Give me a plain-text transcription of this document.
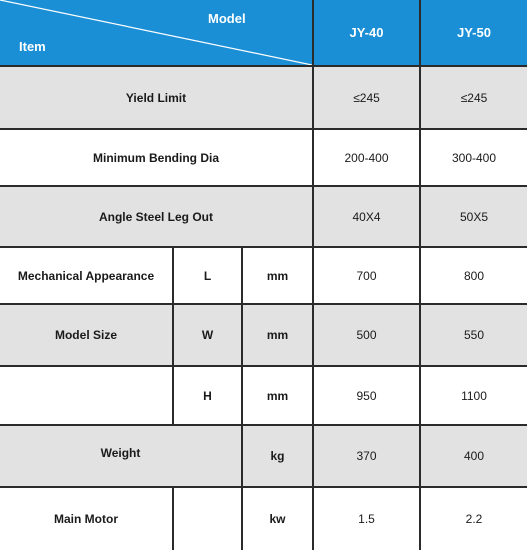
Model
Item
JY-40	JY-50
Yield Limit	≤245	≤245
Minimum Bending Dia	200-400	300-400
Angle Steel Leg Out	40X4	50X5
Mechanical Appearance	L	mm	700	800
Model Size	W	mm	500	550
H	mm	950	1100
Weight	kg	370	400
Main Motor	kw	1.5	2.2
